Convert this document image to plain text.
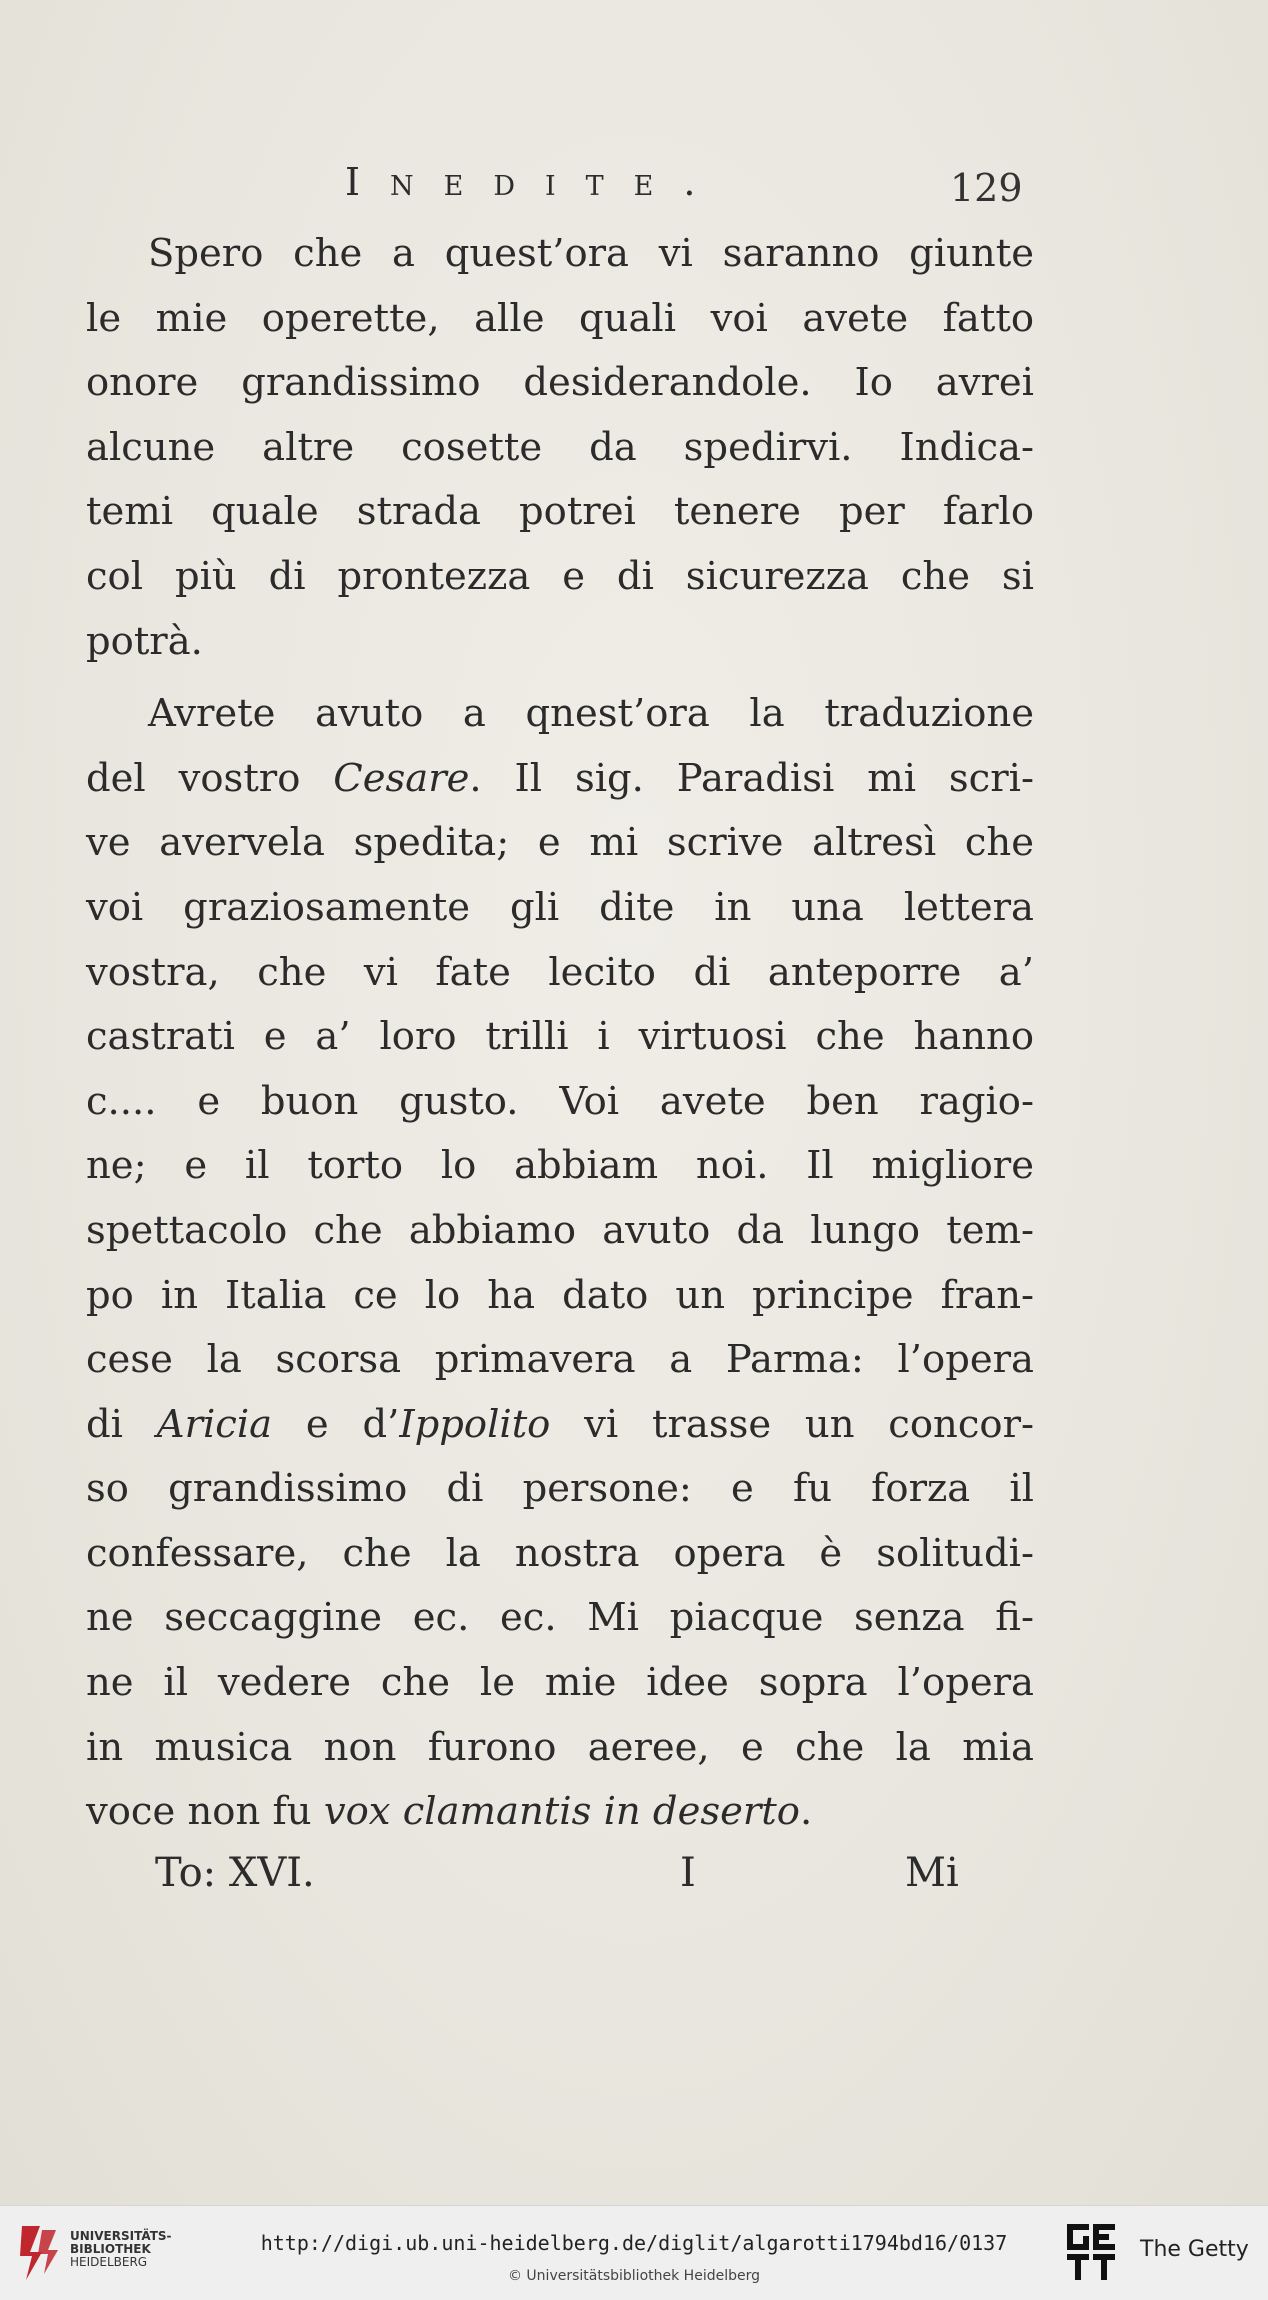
Inedite.	129
Spero che a quest’ora vi saranno giunte
le mie operette, alle quali voi avete fatto
onore grandissimo desiderandole. Io avrei
alcune altre cosette da spedirvi. Indica-
temi quale strada potrei tenere per farlo
col più di prontezza e di sicurezza che si
potrà.
Avrete avuto a qnest’ora la traduzione
del vostro Cesare. Il sig. Paradisi mi scri-
ve avervela spedita; e mi scrive altresì che
voi graziosamente gli dite in una lettera
vostra, che vi fate lecito di anteporre a’
castrati e a’ loro trilli i virtuosi che hanno
c.... e buon gusto. Voi avete ben ragio-
ne; e il torto lo abbiam noi. Il migliore
spettacolo che abbiamo avuto da lungo tem-
po in Italia ce lo ha dato un principe fran-
cese la scorsa primavera a Parma: l’opera
di Aricia e d’Ippolito vi trasse un concor-
so grandissimo di persone: e fu forza il
confessare, che la nostra opera è solitudi-
ne seccaggine ec. ec. Mi piacque senza fi-
ne il vedere che le mie idee sopra l’opera
in musica non furono aeree, e che la mia
voce non fu vox clamantis in deserto.
To: XVI.	I	Mi
UNIVERSITÄTS-
BIBLIOTHEK
HEIDELBERG
http://digi.ub.uni-heidelberg.de/diglit/algarotti1794bd16/0137
© Universitätsbibliothek Heidelberg
The Getty
